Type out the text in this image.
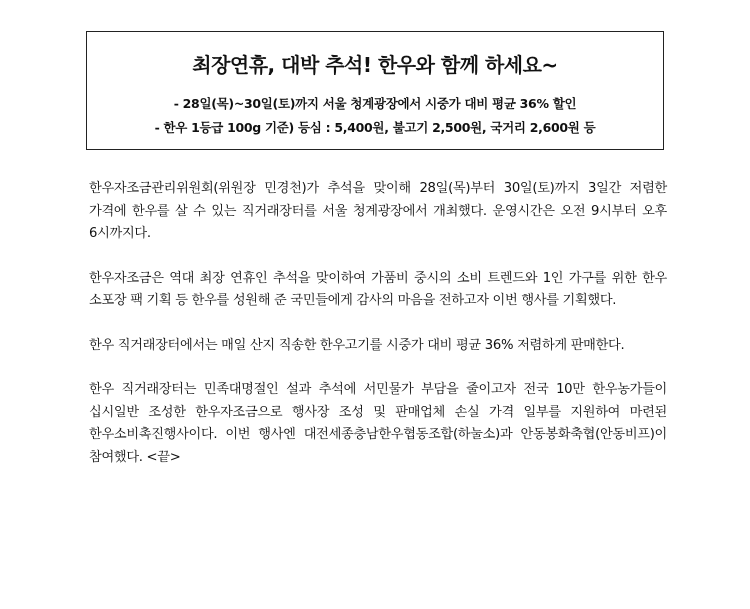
최장연휴, 대박 추석! 한우와 함께 하세요~
- 28일(목)~30일(토)까지 서울 청계광장에서 시중가 대비 평균 36% 할인
- 한우 1등급 100g 기준) 등심 : 5,400원, 불고기 2,500원, 국거리 2,600원 등

한우자조금관리위원회(위원장 민경천)가 추석을 맞이해 28일(목)부터 30일(토)까지 3일간 저렴한 가격에 한우를 살 수 있는 직거래장터를 서울 청계광장에서 개최했다. 운영시간은 오전 9시부터 오후 6시까지다.

한우자조금은 역대 최장 연휴인 추석을 맞이하여 가품비 중시의 소비 트렌드와 1인 가구를 위한 한우 소포장 팩 기획 등 한우를 성원해 준 국민들에게 감사의 마음을 전하고자 이번 행사를 기획했다.

한우 직거래장터에서는 매일 산지 직송한 한우고기를 시중가 대비 평균 36% 저렴하게 판매한다.

한우 직거래장터는 민족대명절인 설과 추석에 서민물가 부담을 줄이고자 전국 10만 한우농가들이 십시일반 조성한 한우자조금으로 행사장 조성 및 판매업체 손실 가격 일부를 지원하여 마련된 한우소비촉진행사이다. 이번 행사엔 대전세종충남한우협동조합(하눌소)과 안동봉화축협(안동비프)이 참여했다. <끝>
